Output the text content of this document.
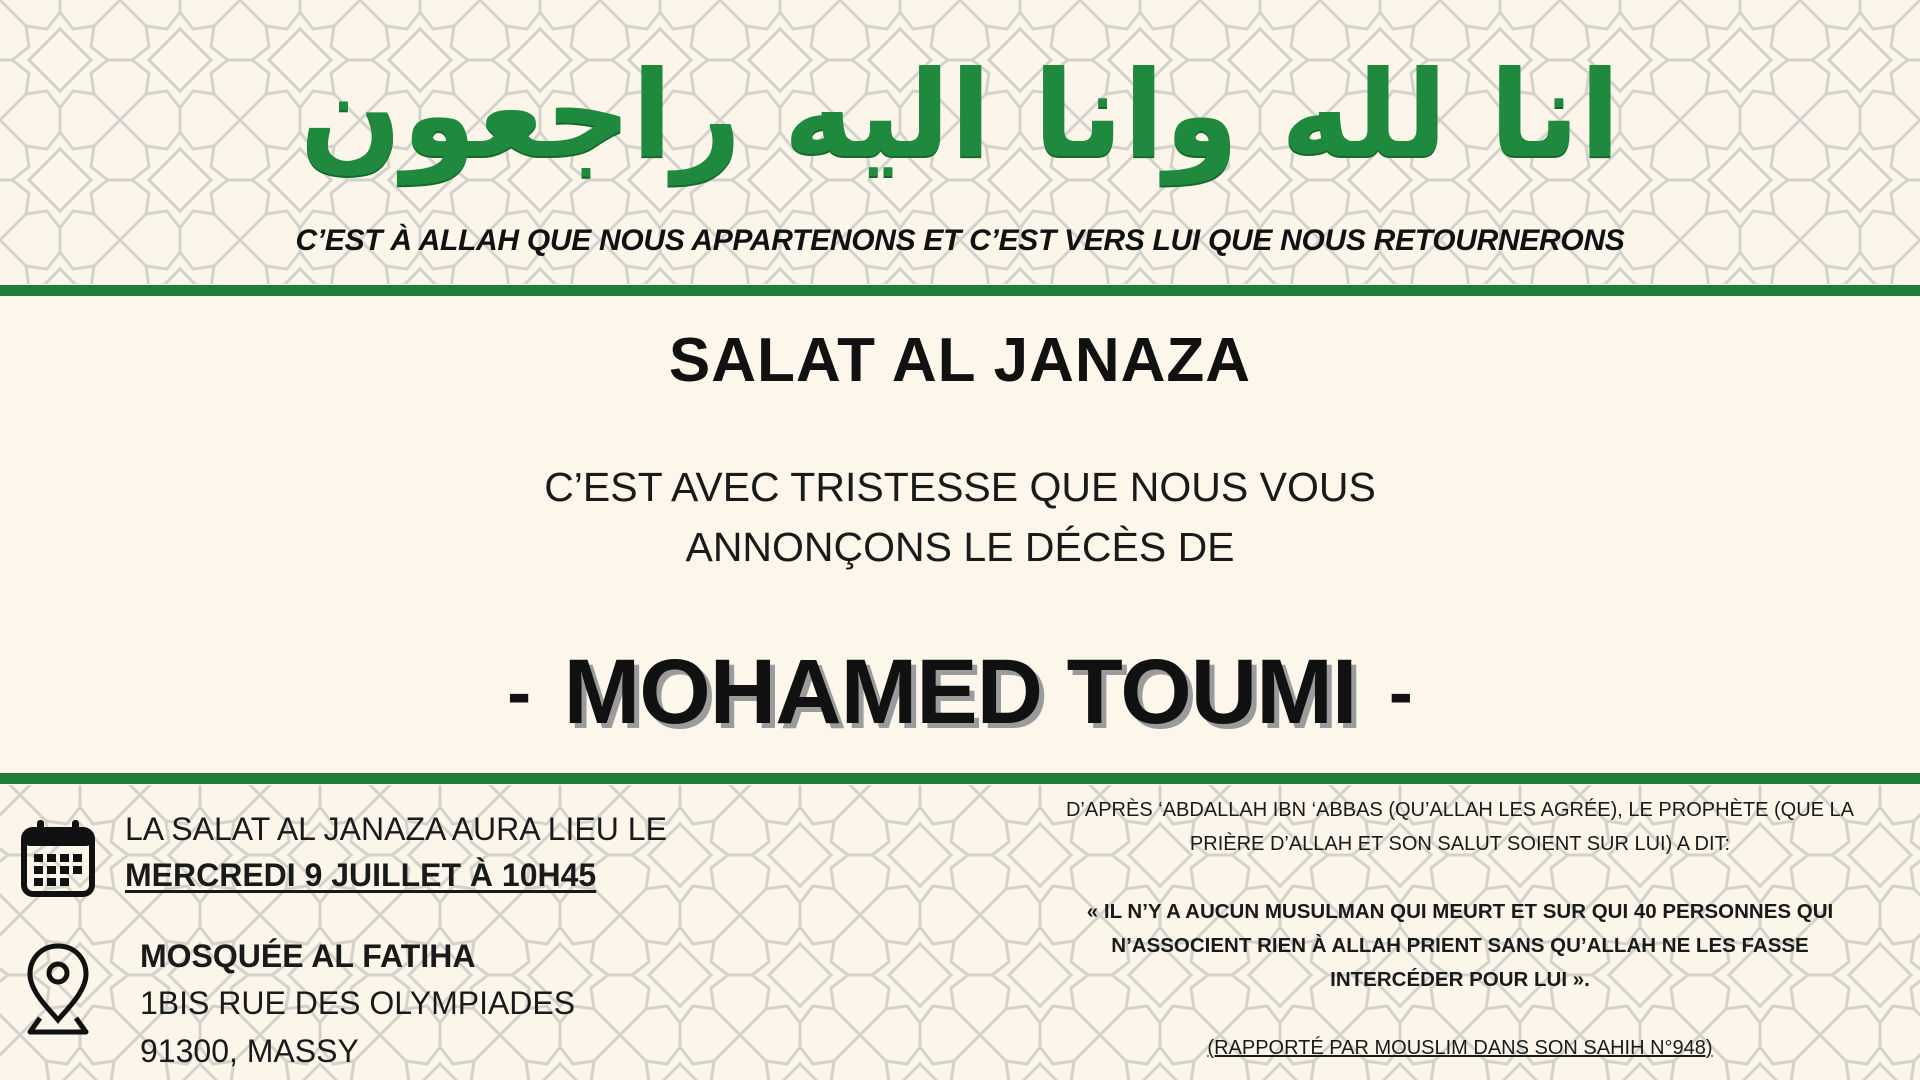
انا لله وانا اليه راجعون
C’EST À ALLAH QUE NOUS APPARTENONS ET C’EST VERS LUI QUE NOUS RETOURNERONS
SALAT AL JANAZA
C’EST AVEC TRISTESSE QUE NOUS VOUS
ANNONÇONS LE DÉCÈS DE
- MOHAMED TOUMI -
LA SALAT AL JANAZA AURA LIEU LE
MERCREDI 9 JUILLET À 10H45
MOSQUÉE AL FATIHA
1BIS RUE DES OLYMPIADES
91300, MASSY
D’APRÈS ‘ABDALLAH IBN ‘ABBAS (QU’ALLAH LES AGRÉE), LE PROPHÈTE (QUE LA
PRIÈRE D’ALLAH ET SON SALUT SOIENT SUR LUI) A DIT:
« IL N’Y A AUCUN MUSULMAN QUI MEURT ET SUR QUI 40 PERSONNES QUI
N’ASSOCIENT RIEN À ALLAH PRIENT SANS QU’ALLAH NE LES FASSE
INTERCÉDER POUR LUI ».
(RAPPORTÉ PAR MOUSLIM DANS SON SAHIH N°948)
